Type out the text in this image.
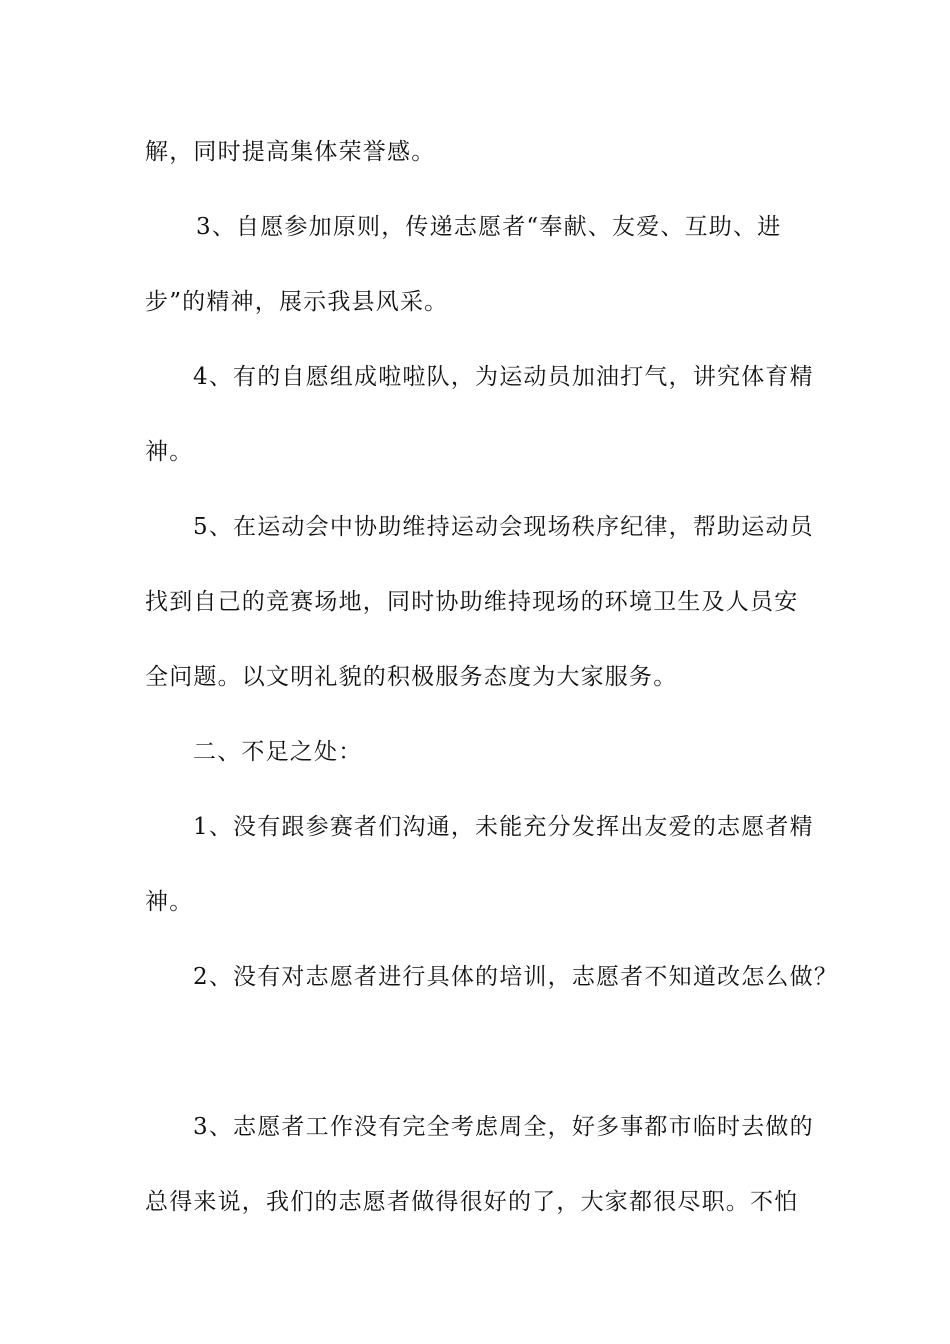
解，同时提高集体荣誉感。
3、自愿参加原则，传递志愿者“奉献、友爱、互助、进
步”的精神，展示我县风采。
4、有的自愿组成啦啦队，为运动员加油打气，讲究体育精
神。
5、在运动会中协助维持运动会现场秩序纪律，帮助运动员
找到自己的竞赛场地，同时协助维持现场的环境卫生及人员安
全问题。以文明礼貌的积极服务态度为大家服务。
二、不足之处：
1、没有跟参赛者们沟通，未能充分发挥出友爱的志愿者精
神。
2、没有对志愿者进行具体的培训，志愿者不知道改怎么做？
3、志愿者工作没有完全考虑周全，好多事都市临时去做的
总得来说，我们的志愿者做得很好的了，大家都很尽职。不怕
